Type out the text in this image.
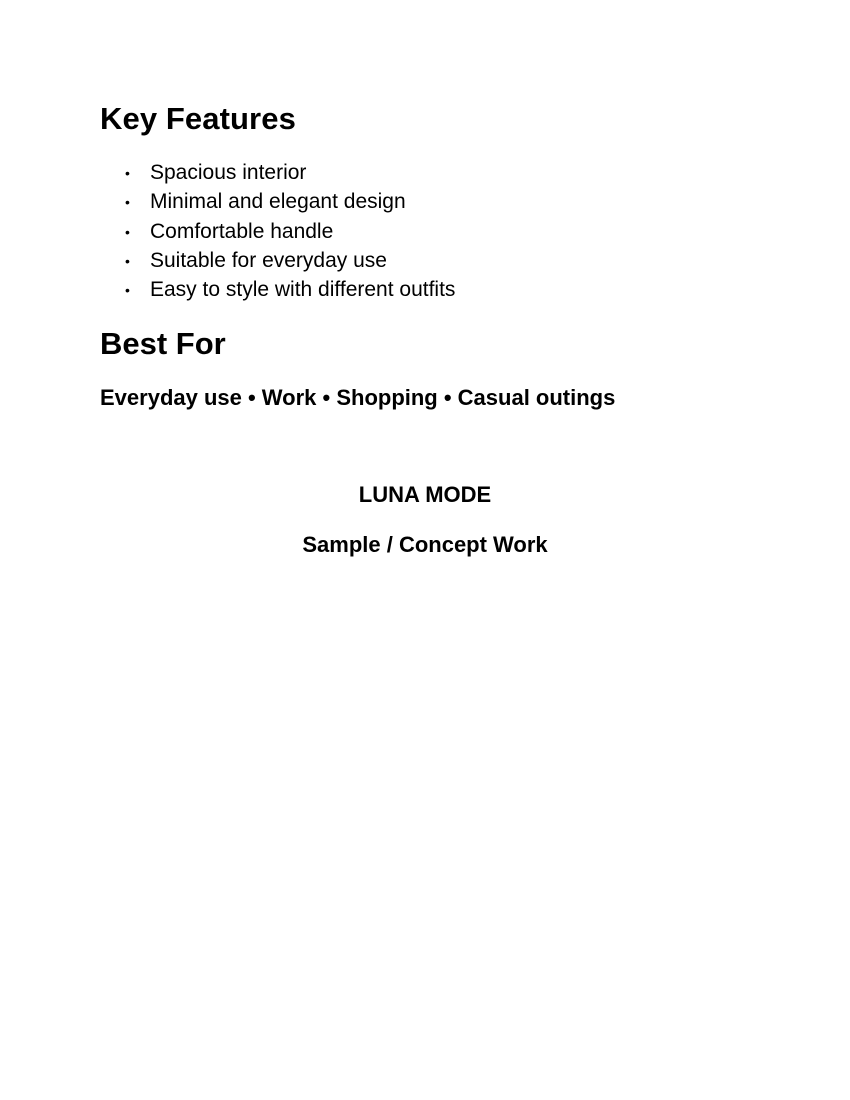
Key Features
• Spacious interior
• Minimal and elegant design
• Comfortable handle
• Suitable for everyday use
• Easy to style with different outfits
Best For

Everyday use • Work • Shopping • Casual outings

LUNA MODE

Sample / Concept Work
